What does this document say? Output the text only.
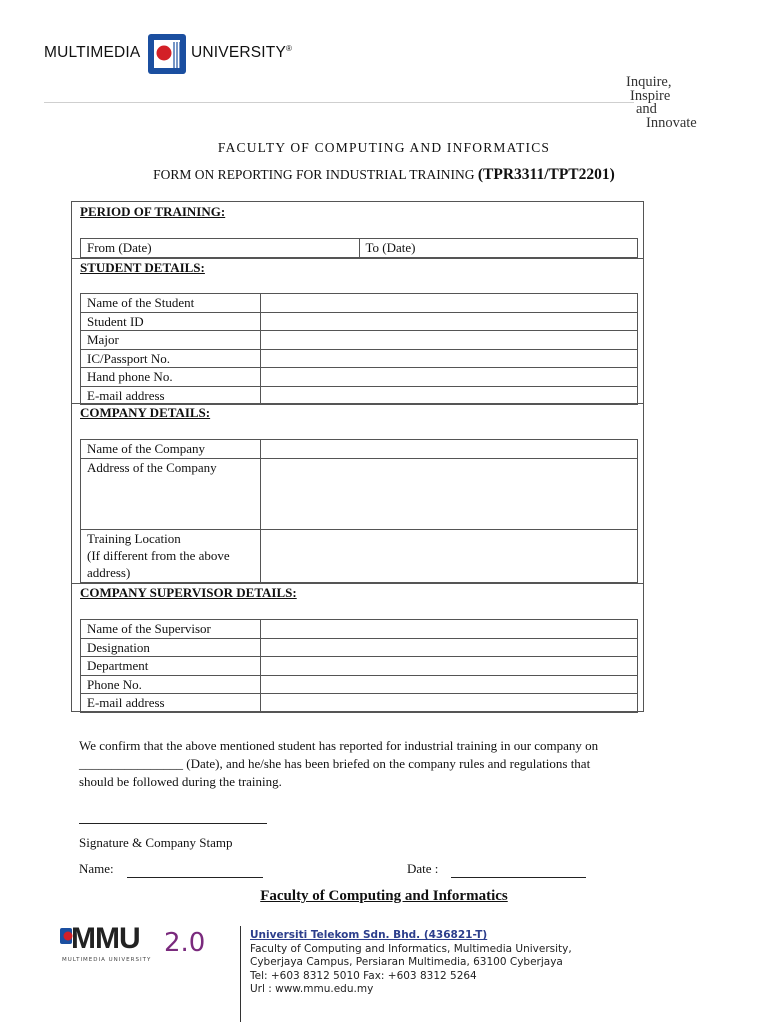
MULTIMEDIA	UNIVERSITY®
Inquire,
Inspire
and
Innovate
FACULTY OF COMPUTING AND INFORMATICS
FORM ON REPORTING FOR INDUSTRIAL TRAINING (TPR3311/TPT2201)
PERIOD OF TRAINING:
From (Date)	To (Date)
STUDENT DETAILS:
Name of the Student	
Student ID	
Major	
IC/Passport No.	
Hand phone No.	
E-mail address	
COMPANY DETAILS:
Name of the Company	
Address of the Company	

Training Location
(If different from the above
address)	

COMPANY SUPERVISOR DETAILS:
Name of the Supervisor	
Designation	
Department	
Phone No.	
E-mail address	
We confirm that the above mentioned student has reported for industrial training in our company on
________________ (Date), and he/she has been briefed on the company rules and regulations that
should be followed during the training.
Signature & Company Stamp
Name:	Date :
Faculty of Computing and Informatics
MMU 2.0
MULTIMEDIA UNIVERSITY
Universiti Telekom Sdn. Bhd. (436821-T)
Faculty of Computing and Informatics, Multimedia University,
Cyberjaya Campus, Persiaran Multimedia, 63100 Cyberjaya
Tel: +603 8312 5010 Fax: +603 8312 5264
Url : www.mmu.edu.my
